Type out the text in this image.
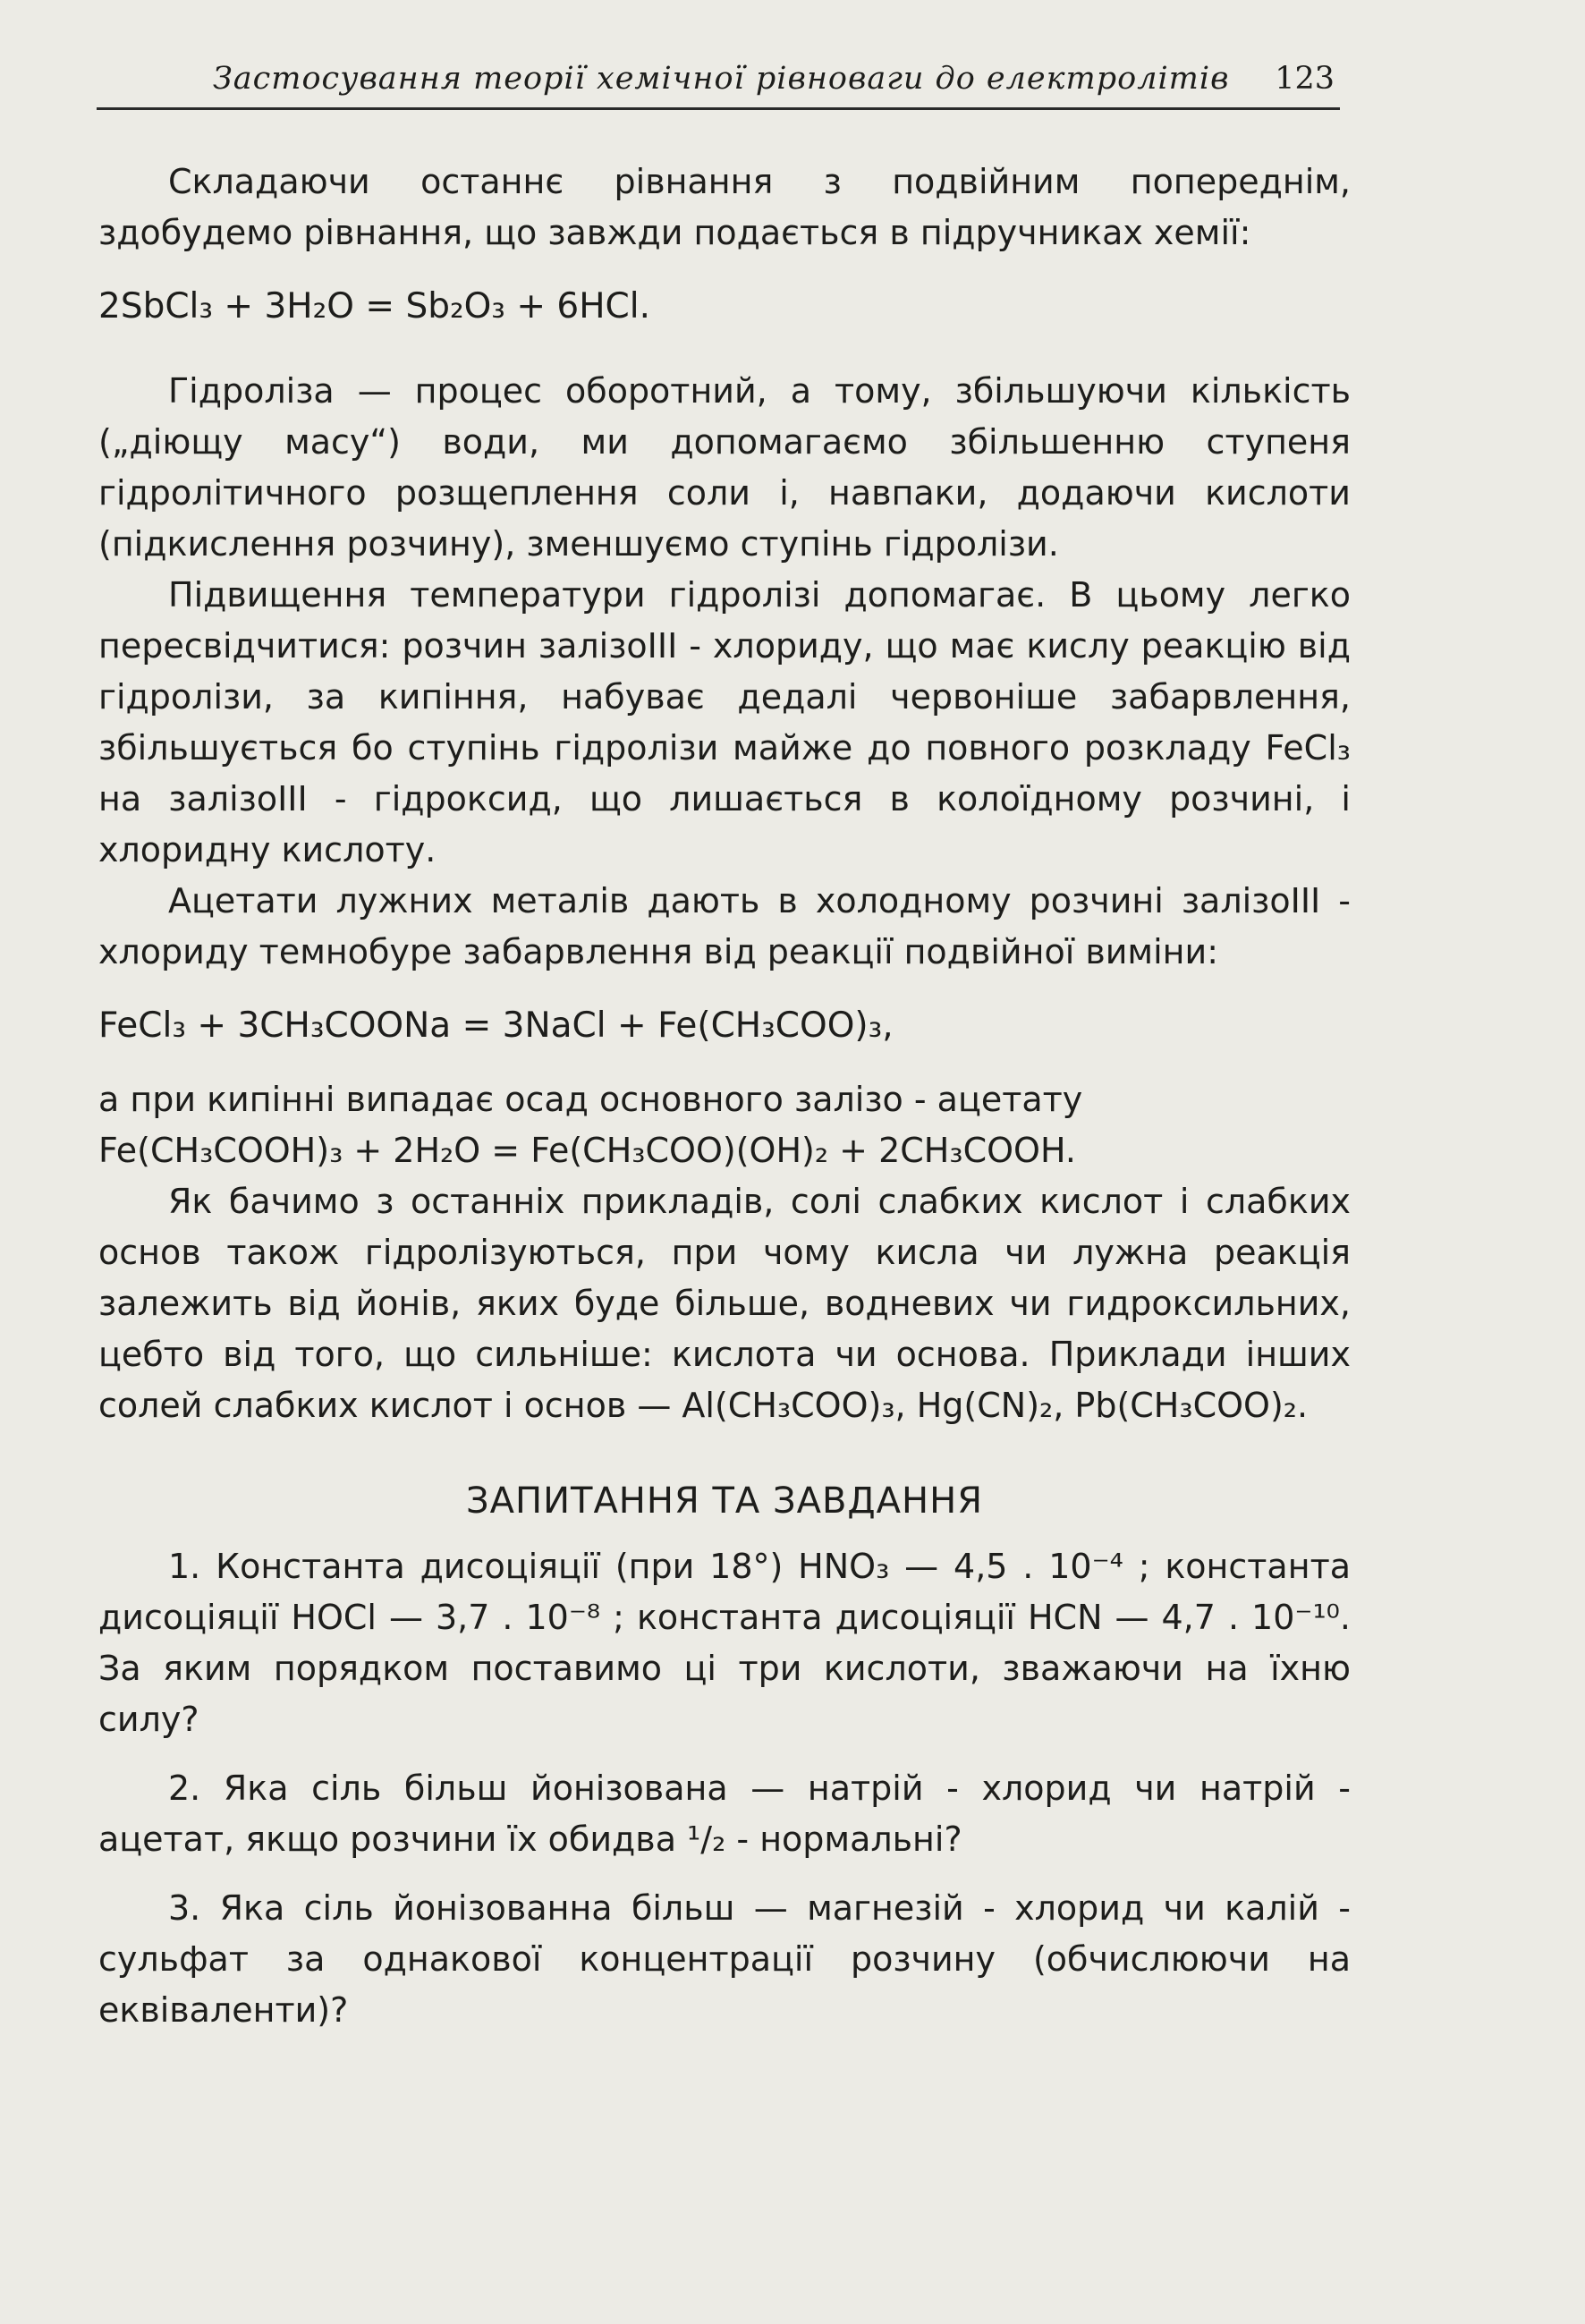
Застосування теорії хемічної рівноваги до електролітів 123

Складаючи останнє рівнання з подвійним попереднім, здобудемо рівнання, що завжди подається в підручниках хемії:

2SbCl₃ + 3H₂O = Sb₂O₃ + 6HCl.

Гідроліза — процес оборотний, а тому, збільшуючи кількість („діющу масу“) води, ми допомагаємо збільшенню ступеня гідролітичного розщеплення соли і, навпаки, додаючи кислоти (підкислення розчину), зменшуємо ступінь гідролізи.

Підвищення температури гідролізі допомагає. В цьому легко пересвідчитися: розчин залізоIII - хлориду, що має кислу реакцію від гідролізи, за кипіння, набуває дедалі червоніше забарвлення, збільшується бо ступінь гідролізи майже до повного розкладу FeCl₃ на залізоIII - гідроксид, що лишається в колоїдному розчині, і хлоридну кислоту.

Ацетати лужних металів дають в холодному розчині залізоIII - хлориду темнобуре забарвлення від реакції подвійної виміни:

FeCl₃ + 3CH₃COONa = 3NaCl + Fe(CH₃COO)₃,

а при кипінні випадає осад основного залізо - ацетату

Fe(CH₃COOH)₃ + 2H₂O = Fe(CH₃COO)(OH)₂ + 2CH₃COOH.

Як бачимо з останніх прикладів, солі слабких кислот і слабких основ також гідролізуються, при чому кисла чи лужна реакція залежить від йонів, яких буде більше, водневих чи гидроксильних, цебто від того, що сильніше: кислота чи основа. Приклади інших солей слабких кислот і основ — Al(CH₃COO)₃, Hg(CN)₂, Pb(CH₃COO)₂.

ЗАПИТАННЯ ТА ЗАВДАННЯ

1. Константа дисоціяції (при 18°) HNO₃ — 4,5 . 10⁻⁴ ; константа дисоціяції HOCl — 3,7 . 10⁻⁸ ; константа дисоціяції HCN — 4,7 . 10⁻¹⁰. За яким порядком поставимо ці три кислоти, зважаючи на їхню силу?

2. Яка сіль більш йонізована — натрій - хлорид чи натрій - ацетат, якщо розчини їх обидва ¹/₂ - нормальні?

3. Яка сіль йонізованна більш — магнезій - хлорид чи калій - сульфат за однакової концентрації розчину (обчислюючи на еквіваленти)?
